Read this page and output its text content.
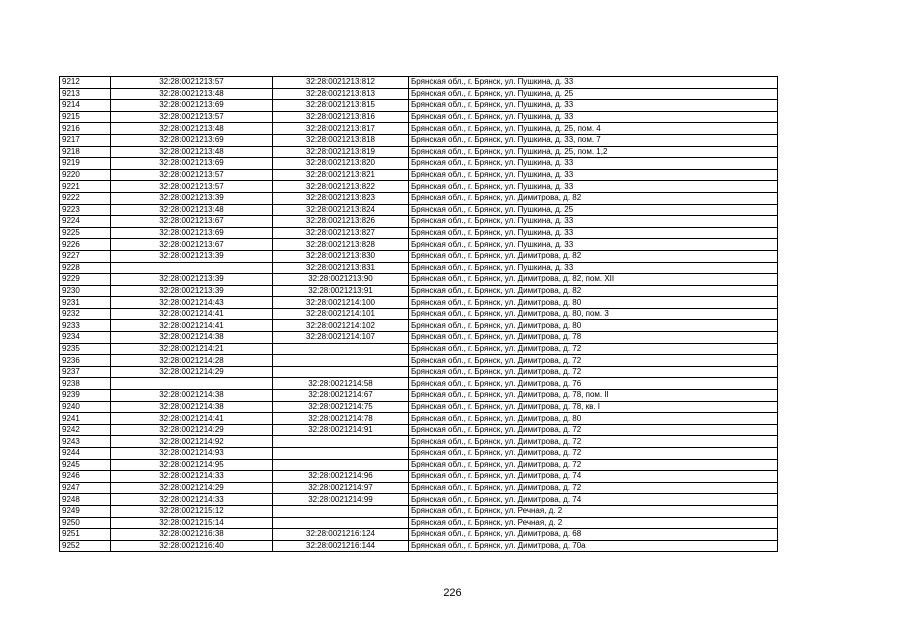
9212	32:28:0021213:57	32:28:0021213:812	Брянская обл., г. Брянск, ул. Пушкина, д. 33
9213	32:28:0021213:48	32:28:0021213:813	Брянская обл., г. Брянск, ул. Пушкина, д. 25
9214	32:28:0021213:69	32:28:0021213:815	Брянская обл., г. Брянск, ул. Пушкина, д. 33
9215	32:28:0021213:57	32:28:0021213:816	Брянская обл., г. Брянск, ул. Пушкина, д. 33
9216	32:28:0021213:48	32:28:0021213:817	Брянская обл., г. Брянск, ул. Пушкина, д. 25, пом. 4
9217	32:28:0021213:69	32:28:0021213:818	Брянская обл., г. Брянск, ул. Пушкина, д. 33, пом. 7
9218	32:28:0021213:48	32:28:0021213:819	Брянская обл., г. Брянск, ул. Пушкина, д. 25, пом. 1,2
9219	32:28:0021213:69	32:28:0021213:820	Брянская обл., г. Брянск, ул. Пушкина, д. 33
9220	32:28:0021213:57	32:28:0021213:821	Брянская обл., г. Брянск, ул. Пушкина, д. 33
9221	32:28:0021213:57	32:28:0021213:822	Брянская обл., г. Брянск, ул. Пушкина, д. 33
9222	32:28:0021213:39	32:28:0021213:823	Брянская обл., г. Брянск, ул. Димитрова, д. 82
9223	32:28:0021213:48	32:28:0021213:824	Брянская обл., г. Брянск, ул. Пушкина, д. 25
9224	32:28:0021213:67	32:28:0021213:826	Брянская обл., г. Брянск, ул. Пушкина, д. 33
9225	32:28:0021213:69	32:28:0021213:827	Брянская обл., г. Брянск, ул. Пушкина, д. 33
9226	32:28:0021213:67	32:28:0021213:828	Брянская обл., г. Брянск, ул. Пушкина, д. 33
9227	32:28:0021213:39	32:28:0021213:830	Брянская обл., г. Брянск, ул. Димитрова, д. 82
9228		32:28:0021213:831	Брянская обл., г. Брянск, ул. Пушкина, д. 33
9229	32:28:0021213:39	32:28:0021213:90	Брянская обл., г. Брянск, ул. Димитрова, д. 82, пом. XII
9230	32:28:0021213:39	32:28:0021213:91	Брянская обл., г. Брянск, ул. Димитрова, д. 82
9231	32:28:0021214:43	32:28:0021214:100	Брянская обл., г. Брянск, ул. Димитрова, д. 80
9232	32:28:0021214:41	32:28:0021214:101	Брянская обл., г. Брянск, ул. Димитрова, д. 80, пом. 3
9233	32:28:0021214:41	32:28:0021214:102	Брянская обл., г. Брянск, ул. Димитрова, д. 80
9234	32:28:0021214:38	32:28:0021214:107	Брянская обл., г. Брянск, ул. Димитрова, д. 78
9235	32:28:0021214:21		Брянская обл., г. Брянск, ул. Димитрова, д. 72
9236	32:28:0021214:28		Брянская обл., г. Брянск, ул. Димитрова, д. 72
9237	32:28:0021214:29		Брянская обл., г. Брянск, ул. Димитрова, д. 72
9238		32:28:0021214:58	Брянская обл., г. Брянск, ул. Димитрова, д. 76
9239	32:28:0021214:38	32:28:0021214:67	Брянская обл., г. Брянск, ул. Димитрова, д. 78, пом. II
9240	32:28:0021214:38	32:28:0021214:75	Брянская обл., г. Брянск, ул. Димитрова, д. 78, кв. I
9241	32:28:0021214:41	32:28:0021214:78	Брянская обл., г. Брянск, ул. Димитрова, д. 80
9242	32:28:0021214:29	32:28:0021214:91	Брянская обл., г. Брянск, ул. Димитрова, д. 72
9243	32:28:0021214:92		Брянская обл., г. Брянск, ул. Димитрова, д. 72
9244	32:28:0021214:93		Брянская обл., г. Брянск, ул. Димитрова, д. 72
9245	32:28:0021214:95		Брянская обл., г. Брянск, ул. Димитрова, д. 72
9246	32:28:0021214:33	32:28:0021214:96	Брянская обл., г. Брянск, ул. Димитрова, д. 74
9247	32:28:0021214:29	32:28:0021214:97	Брянская обл., г. Брянск, ул. Димитрова, д. 72
9248	32:28:0021214:33	32:28:0021214:99	Брянская обл., г. Брянск, ул. Димитрова, д. 74
9249	32:28:0021215:12		Брянская обл., г. Брянск, ул. Речная, д. 2
9250	32:28:0021215:14		Брянская обл., г. Брянск, ул. Речная, д. 2
9251	32:28:0021216:38	32:28:0021216:124	Брянская обл., г. Брянск, ул. Димитрова, д. 68
9252	32:28:0021216:40	32:28:0021216:144	Брянская обл., г. Брянск, ул. Димитрова, д. 70а
226
